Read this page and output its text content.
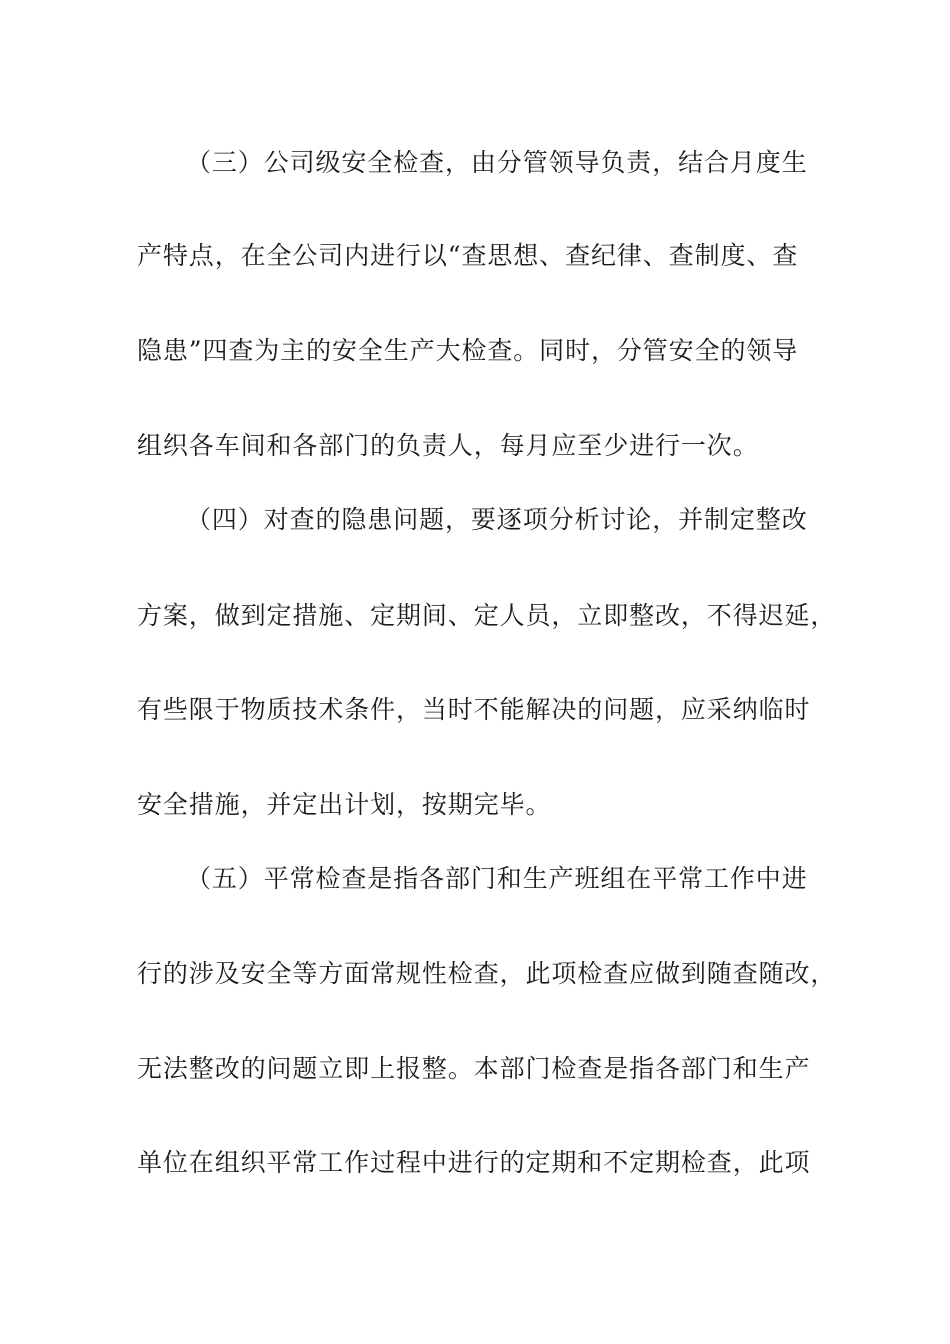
（三）公司级安全检查，由分管领导负责，结合月度生
产特点，在全公司内进行以“查思想、查纪律、查制度、查
隐患”四查为主的安全生产大检查。同时，分管安全的领导
组织各车间和各部门的负责人，每月应至少进行一次。
（四）对查的隐患问题，要逐项分析讨论，并制定整改
方案，做到定措施、定期间、定人员，立即整改，不得迟延，
有些限于物质技术条件，当时不能解决的问题，应采纳临时
安全措施，并定出计划，按期完毕。
（五）平常检查是指各部门和生产班组在平常工作中进
行的涉及安全等方面常规性检查，此项检查应做到随查随改，
无法整改的问题立即上报整。本部门检查是指各部门和生产
单位在组织平常工作过程中进行的定期和不定期检查，此项
